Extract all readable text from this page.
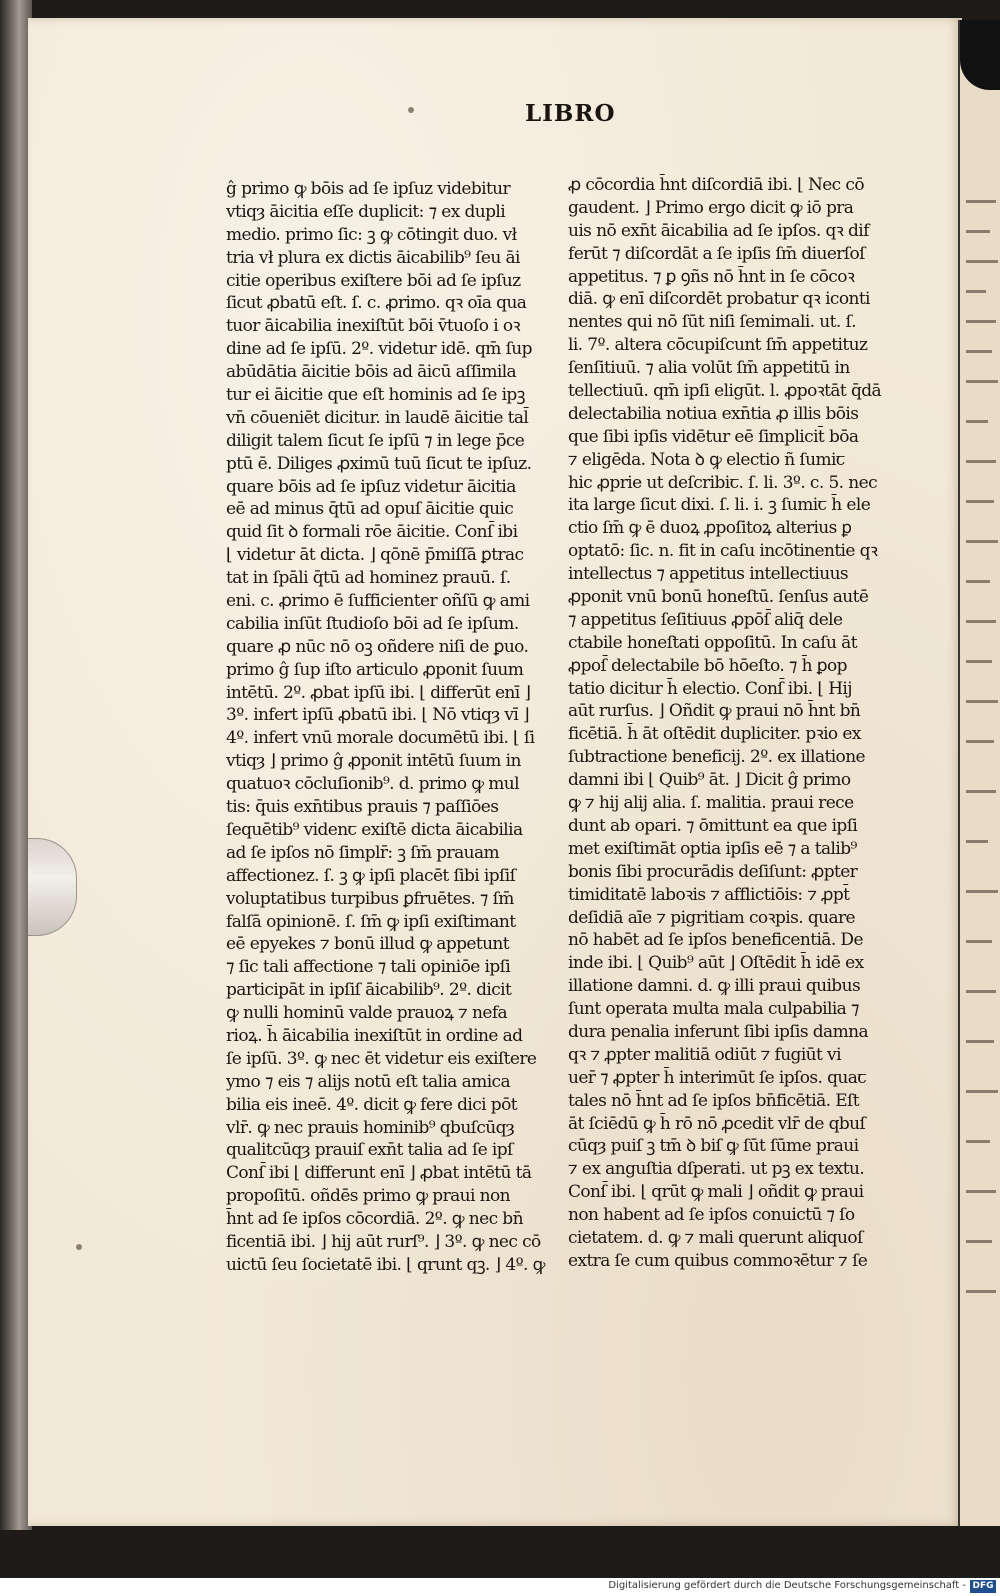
LIBRO
ĝ primo ꝙ bōis ad ſe ipſuz videbitur
vtiqȝ āicitia eſſe duplicit: ⁊ ex dupli
medio. primo ſic: ꝫ ꝙ cōtingit duo. vł
tria vł plura ex dictis āicabilib⁹ ſeu āi
citie operibus exiſtere bōi ad ſe ipſuz
ſicut ꝓbatū eſt. ſ. c. ꝓrimo. qꝛ oīa qua
tuor āicabilia inexiſtūt bōi v̄tuoſo i oꝛ
dine ad ſe ipſū. 2º. videtur idē. qm̄ ſup
abūdātia āicitie bōis ad āicū aſſimila
tur ei āicitie que eſt hominis ad ſe ipꝫ
vn̄ cōueniēt dicitur. in laudē āicitie tal̄
diligit talem ſicut ſe ipſū ⁊ in lege p̄ce
ptū ē. Diliges ꝓximū tuū ſicut te ipſuz.
quare bōis ad ſe ipſuz videtur āicitia
eē ad minus q̄tū ad opuſ āicitie quic
quid ſit ꝺ formali rōe āicitie. Conſ̄ ibi
⌊ videtur āt dicta. ⌋ qōnē p̄miſſā ꝑtrac
tat in ſpāli q̄tū ad hominez prauū. ſ.
eni. c. ꝓrimo ē ſufficienter oñſū ꝙ ami
cabilia inſūt ſtudioſo bōi ad ſe ipſum.
quare ꝓ nūc nō oꝫ oñdere niſi de ꝑuo.
primo ĝ ſup iſto articulo ꝓponit ſuum
intētū. 2º. ꝓbat ipſū ibi. ⌊ differūt enī ⌋
3º. infert ipſū ꝓbatū ibi. ⌊ Nō vtiqȝ vī ⌋
4º. infert vnū morale documētū ibi. ⌊ ſi
vtiqȝ ⌋ primo ĝ ꝓponit intētū ſuum in
quatuoꝛ cōcluſionib⁹. d. primo ꝙ mul
tis: q̄uis exn̄tibus prauis ⁊ paſſiōes
ſequētib⁹ videnꞇ exiſtē dicta āicabilia
ad ſe ipſos nō ſimplr̄: ꝫ ſm̄ prauam
affectionez. ſ. ꝫ ꝙ ipſi placēt ſibi ipſiſ
voluptatibus turpibus ꝑfruētes. ⁊ ſm̄
falſā opinionē. ſ. ſm̄ ꝙ ipſi exiſtimant
eē epyekes ⁊ bonū illud ꝙ appetunt
⁊ ſic tali affectione ⁊ tali opiniōe ipſi
participāt in ipſiſ āicabilib⁹. 2º. dicit
ꝙ nulli hominū valde prauoꝝ ⁊ nefa
rioꝝ. h̄ āicabilia inexiſtūt in ordine ad
ſe ipſū. 3º. ꝙ nec ēt videtur eis exiſtere
ymo ⁊ eis ⁊ alijs notū eſt talia amica
bilia eis ineē. 4º. dicit ꝙ fere dici pōt
vlr̄. ꝙ nec prauis hominib⁹ qbuſcūqȝ
qualitcūqȝ prauiſ exn̄t talia ad ſe ipſ
Conſ̄ ibi ⌊ differunt enī ⌋ ꝓbat intētū tā
propoſitū. oñdēs primo ꝙ praui non
h̄nt ad ſe ipſos cōcordiā. 2º. ꝙ nec bn̄
ficentiā ibi. ⌋ hij aūt rurſ⁹. ⌋ 3º. ꝙ nec cō
uictū ſeu ſocietatē ibi. ⌊ qrunt qꝫ. ⌋ 4º. ꝙ
ꝓ cōcordia h̄nt diſcordiā ibi. ⌊ Nec cō
gaudent. ⌋ Primo ergo dicit ꝙ iō pra
uis nō exn̄t āicabilia ad ſe ipſos. qꝛ dif
ferūt ⁊ diſcordāt a ſe ipſis ſm̄ diuerſoſ
appetitus. ⁊ ꝑ ꝯñs nō h̄nt in ſe cōcoꝛ
diā. ꝙ enī diſcordēt probatur qꝛ iconti
nentes qui nō ſūt niſi ſemimali. ut. ſ.
li. 7º. altera cōcupiſcunt ſm̄ appetituz
ſenſitiuū. ⁊ alia volūt ſm̄ appetitū in
tellectiuū. qm̄ ipſi eligūt. l. ꝓpoꝛtāt q̄dā
delectabilia notiua exn̄tia ꝓ illis bōis
que ſibi ipſis vidētur eē ſimplicit̄ bōa
⁊ eligēda. Nota ꝺ ꝙ electio ñ ſumiꞇ
hic ꝓprie ut deſcribiꞇ. ſ. li. 3º. c. 5. nec
ita large ſicut dixi. ſ. li. i. ꝫ ſumiꞇ h̄ ele
ctio ſm̄ ꝙ ē duoꝝ ꝓpoſitoꝝ alterius ꝑ
optatō: ſic. n. fit in caſu incōtinentie qꝛ
intellectus ⁊ appetitus intellectiuus
ꝓponit vnū bonū honeſtū. ſenſus autē
⁊ appetitus ſeſitiuus ꝓpōſ̄ aliq̄ dele
ctabile honeſtati oppoſitū. In caſu āt
ꝓpoſ̄ delectabile bō hōeſto. ⁊ h̄ ꝑop
tatio dicitur h̄ electio. Conſ̄ ibi. ⌊ Hij
aūt rurſus. ⌋ Oñdit ꝙ praui nō h̄nt bn̄
ficētiā. h̄ āt oſtēdit dupliciter. pꝛio ex
ſubtractione beneficij. 2º. ex illatione
damni ibi ⌊ Quib⁹ āt. ⌋ Dicit ĝ primo
ꝙ ⁊ hij alij alia. ſ. malitia. praui rece
dunt ab opari. ⁊ ōmittunt ea que ipſi
met exiſtimāt optia ipſis eē ⁊ a talib⁹
bonis ſibi procurādis deſiſunt: ꝓpter
timiditatē laboꝛis ⁊ afflictiōis: ⁊ ꝓpt̄
deſidiā aīe ⁊ pigritiam coꝛpis. quare
nō habēt ad ſe ipſos beneficentiā. De
inde ibi. ⌊ Quib⁹ aūt ⌋ Oſtēdit h̄ idē ex
illatione damni. d. ꝙ illi praui quibus
ſunt operata multa mala culpabilia ⁊
dura penalia inferunt ſibi ipſis damna
qꝛ ⁊ ꝓpter malitiā odiūt ⁊ fugiūt vi
uer̄ ⁊ ꝓpter h̄ interimūt ſe ipſos. quaꞇ
tales nō h̄nt ad ſe ipſos bn̄ficētiā. Eſt
āt ſciēdū ꝙ h̄ rō nō ꝓcedit vlr̄ de qbuſ
cūqȝ puiſ ꝫ tm̄ ꝺ biſ ꝙ ſūt ſūme praui
⁊ ex anguſtia dſperati. ut pꝫ ex textu.
Conſ̄ ibi. ⌊ qrūt ꝙ mali ⌋ oñdit ꝙ praui
non habent ad ſe ipſos conuictū ⁊ ſo
cietatem. d. ꝙ ⁊ mali querunt aliquoſ
extra ſe cum quibus commoꝛētur ⁊ ſe
Digitalisierung gefördert durch die Deutsche Forschungsgemeinschaft - DFG
